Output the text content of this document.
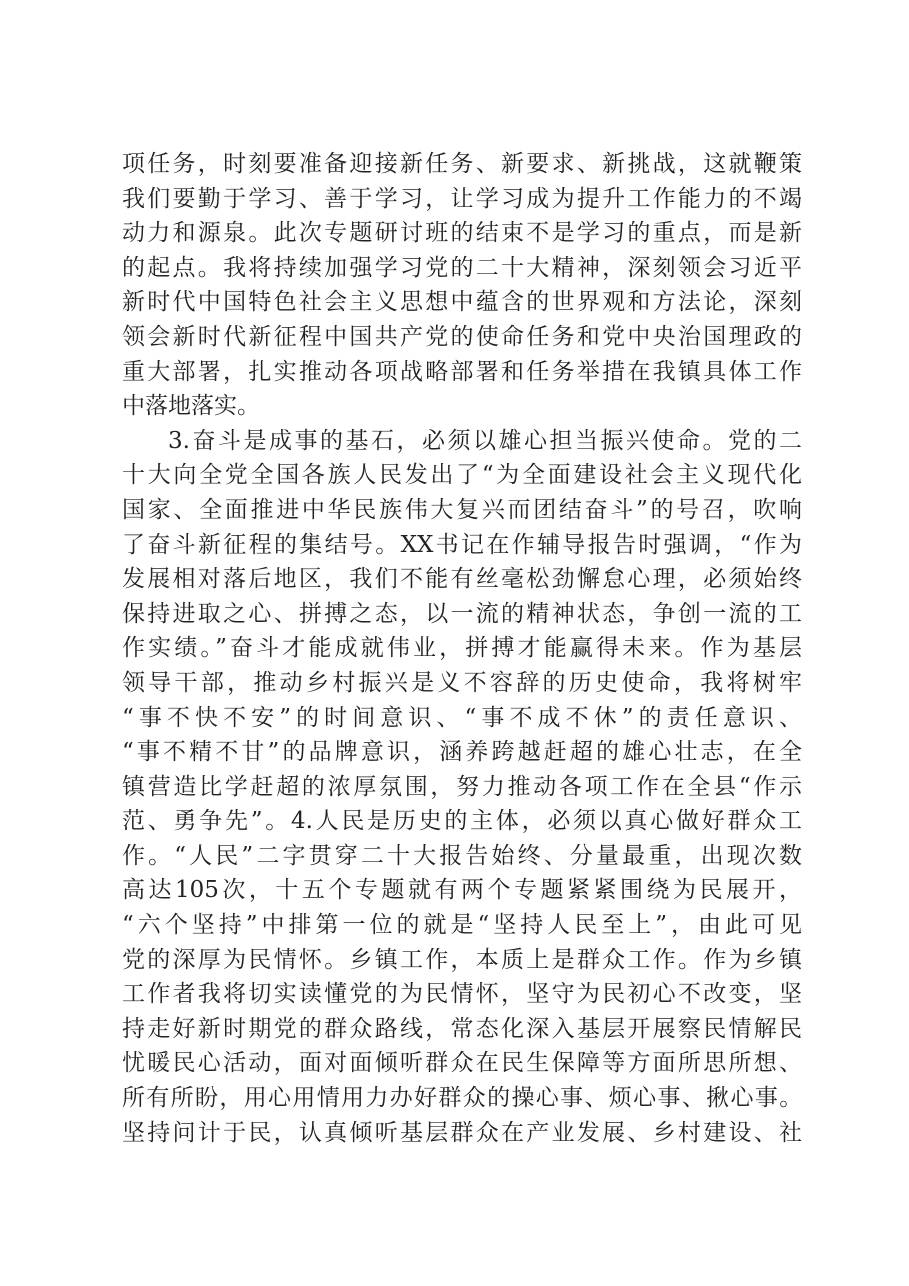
项任务，时刻要准备迎接新任务、新要求、新挑战，这就鞭策
我们要勤于学习、善于学习，让学习成为提升工作能力的不竭
动力和源泉。此次专题研讨班的结束不是学习的重点，而是新
的起点。我将持续加强学习党的二十大精神，深刻领会习近平
新时代中国特色社会主义思想中蕴含的世界观和方法论，深刻
领会新时代新征程中国共产党的使命任务和党中央治国理政的
重大部署，扎实推动各项战略部署和任务举措在我镇具体工作
中落地落实。
3.奋斗是成事的基石，必须以雄心担当振兴使命。党的二
十大向全党全国各族人民发出了“为全面建设社会主义现代化
国家、全面推进中华民族伟大复兴而团结奋斗”的号召，吹响
了奋斗新征程的集结号。XX书记在作辅导报告时强调，“作为
发展相对落后地区，我们不能有丝毫松劲懈怠心理，必须始终
保持进取之心、拼搏之态，以一流的精神状态，争创一流的工
作实绩。”奋斗才能成就伟业，拼搏才能赢得未来。作为基层
领导干部，推动乡村振兴是义不容辞的历史使命，我将树牢
“事不快不安”的时间意识、“事不成不休”的责任意识、
“事不精不甘”的品牌意识，涵养跨越赶超的雄心壮志，在全
镇营造比学赶超的浓厚氛围，努力推动各项工作在全县“作示
范、勇争先”。4.人民是历史的主体，必须以真心做好群众工
作。“人民”二字贯穿二十大报告始终、分量最重，出现次数
高达105次，十五个专题就有两个专题紧紧围绕为民展开，
“六个坚持”中排第一位的就是“坚持人民至上”，由此可见
党的深厚为民情怀。乡镇工作，本质上是群众工作。作为乡镇
工作者我将切实读懂党的为民情怀，坚守为民初心不改变，坚
持走好新时期党的群众路线，常态化深入基层开展察民情解民
忧暖民心活动，面对面倾听群众在民生保障等方面所思所想、
所有所盼，用心用情用力办好群众的操心事、烦心事、揪心事。
坚持问计于民，认真倾听基层群众在产业发展、乡村建设、社
